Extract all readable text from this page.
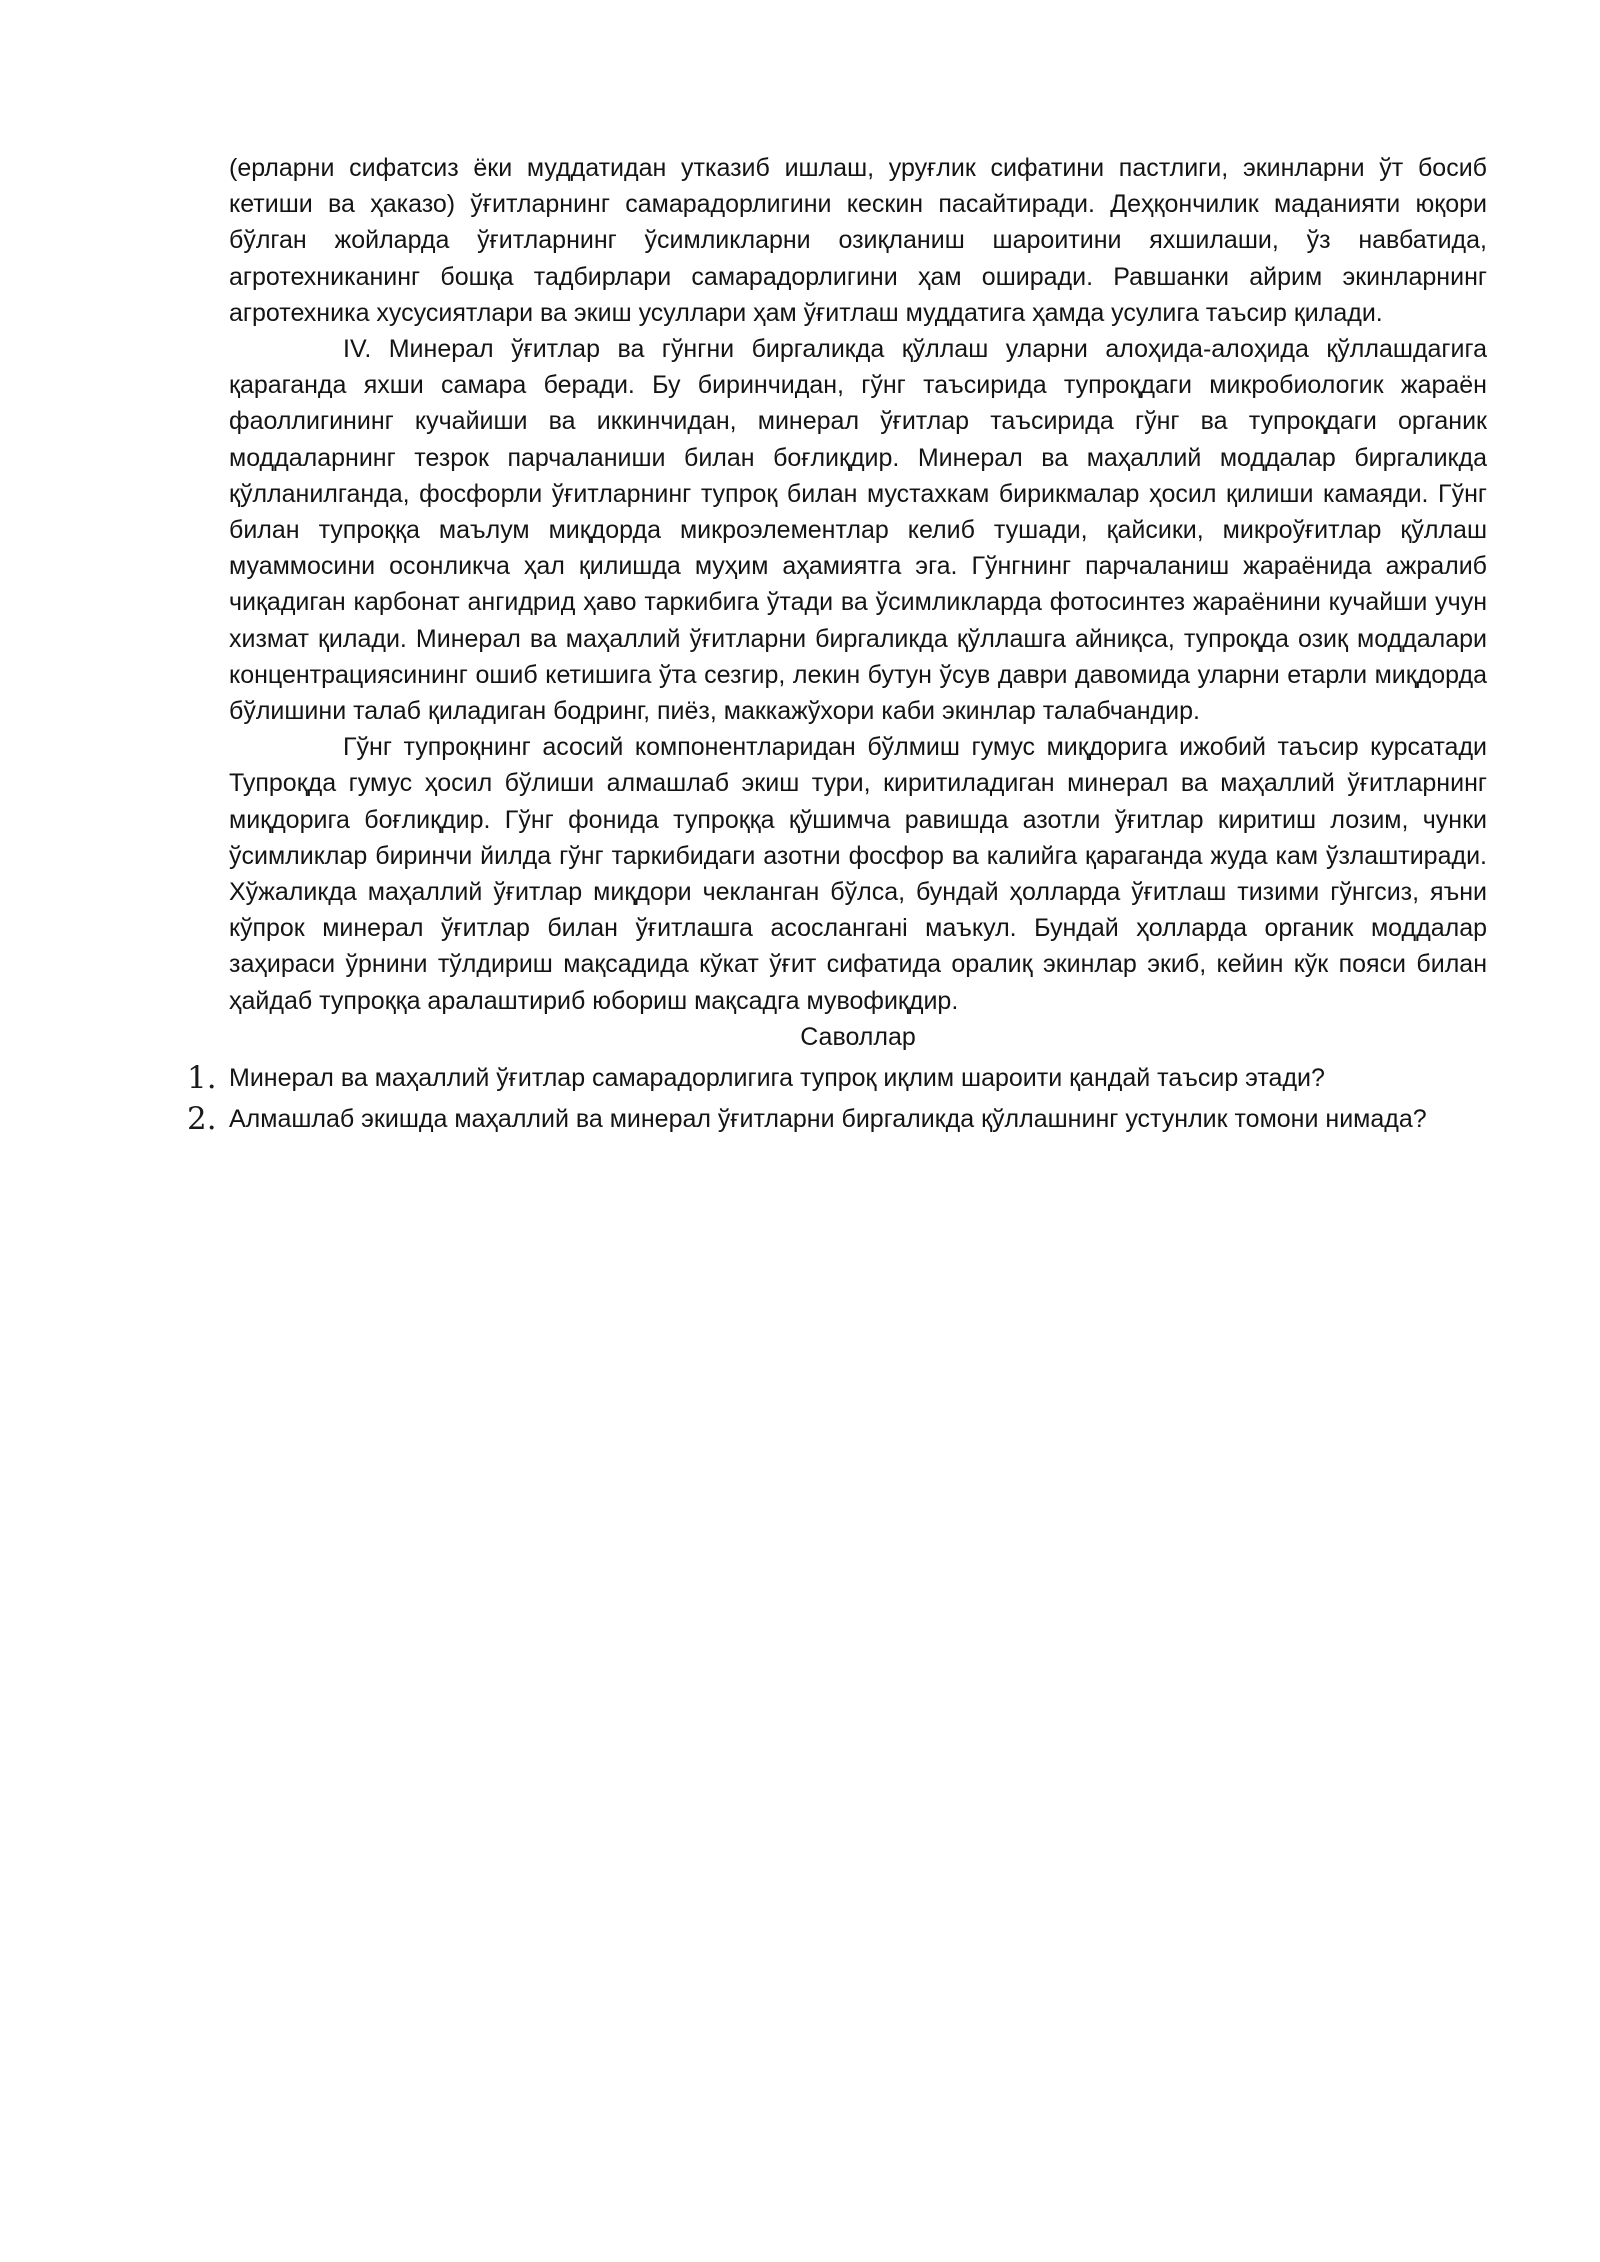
(ерларни сифатсиз ёки муддатидан утказиб ишлаш, уруғлик сифатини пастлиги, экинларни ўт босиб кетиши ва ҳаказо) ўғитларнинг самарадорлигини кескин пасайтиради. Деҳқончилик маданияти юқори бўлган жойларда ўғитларнинг ўсимликларни озиқланиш шароитини яхшилаши, ўз навбатида, агротехниканинг бошқа тадбирлари самарадорлигини ҳам оширади. Равшанки айрим экинларнинг агротехника хусусиятлари ва экиш усуллари ҳам ўғитлаш муддатига ҳамда усулига таъсир қилади.

IV. Минерал ўғитлар ва гўнгни биргаликда қўллаш уларни алоҳида-алоҳида қўллашдагига қараганда яхши самара беради. Бу биринчидан, гўнг таъсирида тупроқдаги микробиологик жараён фаоллигининг кучайиши ва иккинчидан, минерал ўғитлар таъсирида гўнг ва тупроқдаги органик моддаларнинг тезрок парчаланиши билан боғлиқдир. Минерал ва маҳаллий моддалар биргаликда қўлланилганда, фосфорли ўғитларнинг тупроқ билан мустахкам бирикмалар ҳосил қилиши камаяди. Гўнг билан тупроққа маълум миқдорда микроэлементлар келиб тушади, қайсики, микроўғитлар қўллаш муаммосини осонликча ҳал қилишда муҳим аҳамиятга эга. Гўнгнинг парчаланиш жараёнида ажралиб чиқадиган карбонат ангидрид ҳаво таркибига ўтади ва ўсимликларда фотосинтез жараёнини кучайши учун хизмат қилади. Минерал ва маҳаллий ўғитларни биргаликда қўллашга айниқса, тупроқда озиқ моддалари концентрациясининг ошиб кетишига ўта сезгир, лекин бутун ўсув даври давомида уларни етарли миқдорда бўлишини талаб қиладиган бодринг, пиёз, маккажўхори каби экинлар талабчандир.

Гўнг тупроқнинг асосий компонентларидан бўлмиш гумус миқдорига ижобий таъсир курсатади Тупроқда гумус ҳосил бўлиши алмашлаб экиш тури, киритиладиган минерал ва маҳаллий ўғитларнинг миқдорига боғлиқдир. Гўнг фонида тупроққа қўшимча равишда азотли ўғитлар киритиш лозим, чунки ўсимликлар биринчи йилда гўнг таркибидаги азотни фосфор ва калийга қараганда жуда кам ўзлаштиради. Хўжаликда маҳаллий ўғитлар миқдори чекланган бўлса, бундай ҳолларда ўғитлаш тизими гўнгсиз, яъни кўпрок минерал ўғитлар билан ўғитлашга асосланганi маъкул. Бундай ҳолларда органик моддалар заҳираси ўрнини тўлдириш мақсадида кўкат ўғит сифатида оралиқ экинлар экиб, кейин кўк пояси билан ҳайдаб тупроққа аралаштириб юбориш мақсадга мувофиқдир.

Саволлар

1. Минерал ва маҳаллий ўғитлар самарадорлигига тупроқ иқлим шароити қандай таъсир этади?
2. Алмашлаб экишда маҳаллий ва минерал ўғитларни биргаликда қўллашнинг устунлик томони нимада?
